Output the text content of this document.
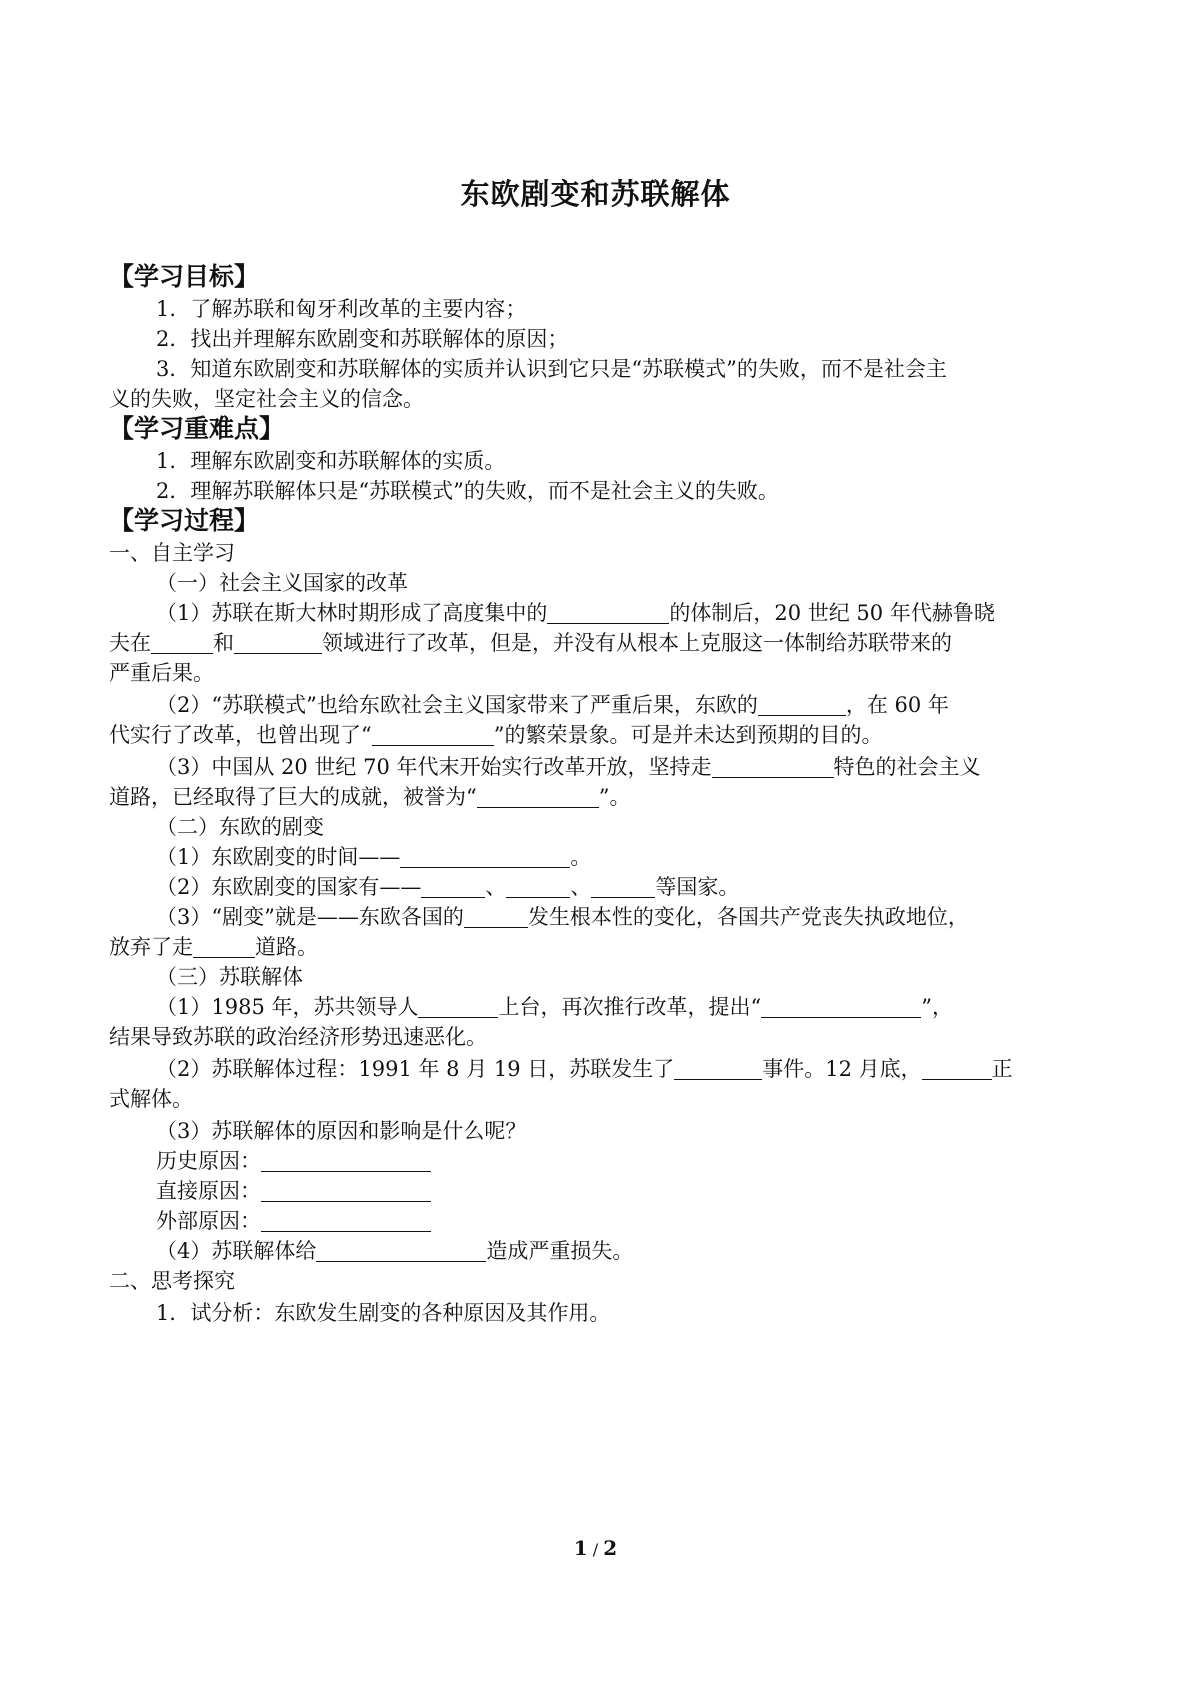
东欧剧变和苏联解体
【学习目标】
1．了解苏联和匈牙利改革的主要内容；
2．找出并理解东欧剧变和苏联解体的原因；
3．知道东欧剧变和苏联解体的实质并认识到它只是“苏联模式”的失败，而不是社会主
义的失败，坚定社会主义的信念。
【学习重难点】
1．理解东欧剧变和苏联解体的实质。
2．理解苏联解体只是“苏联模式”的失败，而不是社会主义的失败。
【学习过程】
一、自主学习
（一）社会主义国家的改革
（1）苏联在斯大林时期形成了高度集中的	的体制后，20 世纪 50 年代赫鲁晓
夫在	和	领域进行了改革，但是，并没有从根本上克服这一体制给苏联带来的
严重后果。
（2）“苏联模式”也给东欧社会主义国家带来了严重后果，东欧的	，在 60 年
代实行了改革，也曾出现了“	”的繁荣景象。可是并未达到预期的目的。
（3）中国从 20 世纪 70 年代末开始实行改革开放，坚持走	特色的社会主义
道路，已经取得了巨大的成就，被誉为“	”。
（二）东欧的剧变
（1）东欧剧变的时间——	。
（2）东欧剧变的国家有——	、	、	等国家。
（3）“剧变”就是——东欧各国的	发生根本性的变化，各国共产党丧失执政地位，
放弃了走	道路。
（三）苏联解体
（1）1985 年，苏共领导人	上台，再次推行改革，提出“	”，
结果导致苏联的政治经济形势迅速恶化。
（2）苏联解体过程：1991 年 8 月 19 日，苏联发生了	事件。12 月底，	正
式解体。
（3）苏联解体的原因和影响是什么呢？
历史原因：
直接原因：
外部原因：
（4）苏联解体给	造成严重损失。
二、思考探究
1．试分析：东欧发生剧变的各种原因及其作用。
1 / 2
